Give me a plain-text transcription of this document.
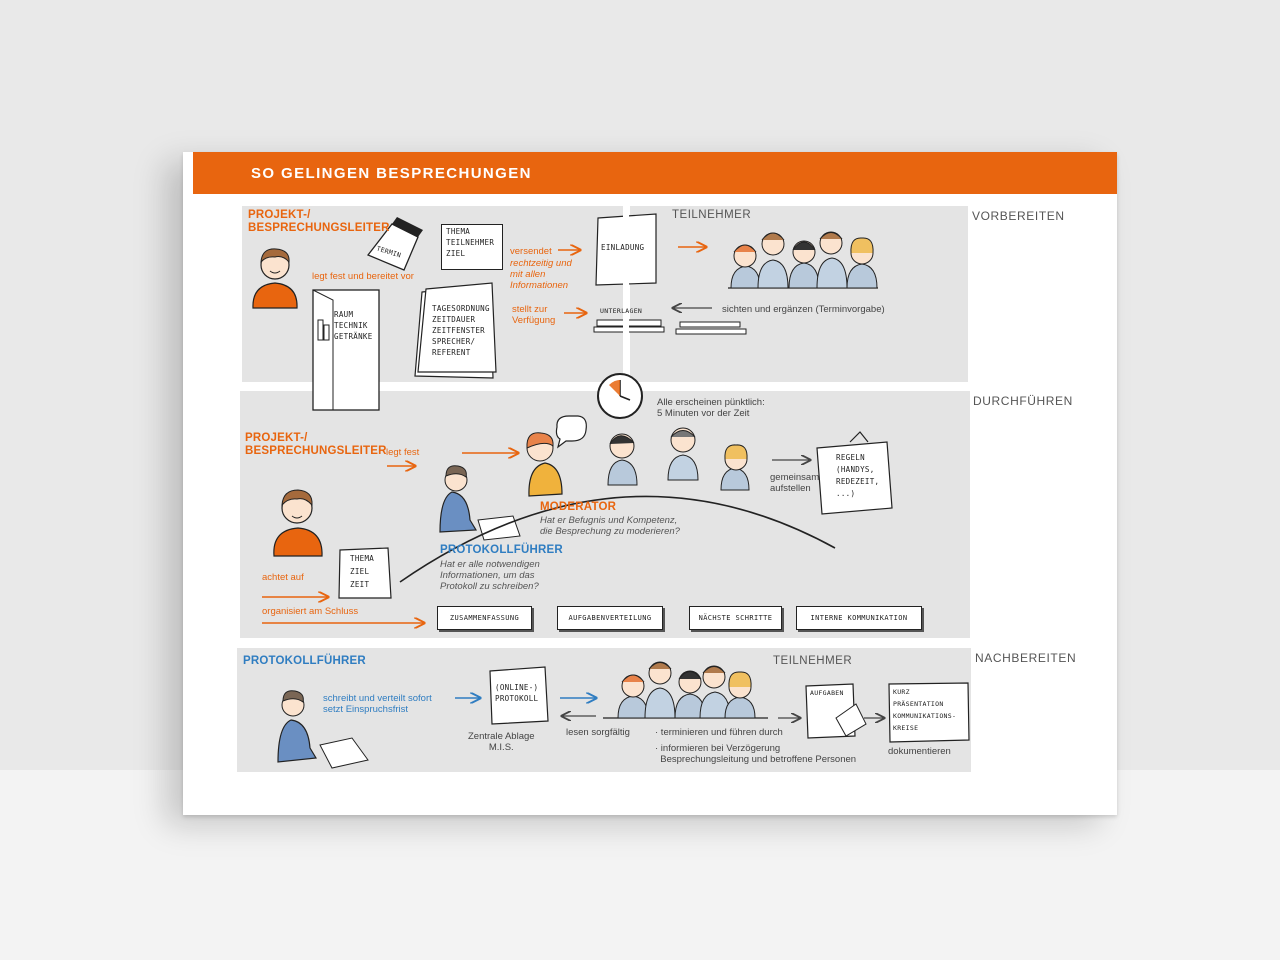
SO GELINGEN BESPRECHUNGEN
VORBEREITEN
DURCHFÜHREN
NACHBEREITEN
PROJEKT-/
BESPRECHUNGSLEITER
TEILNEHMER
TERMIN
legt fest und bereitet vor
THEMA
TEILNEHMER
ZIEL
RAUM
TECHNIK
GETRÄNKE
TAGESORDNUNG
ZEITDAUER
ZEITFENSTER
SPRECHER/
REFERENT
versendet
rechtzeitig und
mit allen
Informationen
EINLADUNG
stellt zur
Verfügung
UNTERLAGEN	sichten und ergänzen (Terminvorgabe)
PROJEKT-/
BESPRECHUNGSLEITER legt fest
Alle erscheinen pünktlich:
5 Minuten vor der Zeit
gemeinsam
aufstellen
REGELN
(HANDYS,
REDEZEIT,
...)
MODERATOR
Hat er Befugnis und Kompetenz,
die Besprechung zu moderieren?
PROTOKOLLFÜHRER
Hat er alle notwendigen
Informationen, um das
Protokoll zu schreiben?
achtet auf
THEMA
ZIEL
ZEIT
organisiert am Schluss
ZUSAMMENFASSUNG	AUFGABENVERTEILUNG	NÄCHSTE SCHRITTE	INTERNE KOMMUNIKATION
PROTOKOLLFÜHRER	TEILNEHMER
schreibt und verteilt sofort
setzt Einspruchsfrist
(ONLINE-)
PROTOKOLL
Zentrale Ablage
M.I.S.
lesen sorgfältig	· terminieren und führen durch
· informieren bei Verzögerung
Besprechungsleitung und betroffene Personen
AUFGABEN	KURZ
PRÄSENTATION
KOMMUNIKATIONS-
KREISE
dokumentieren
